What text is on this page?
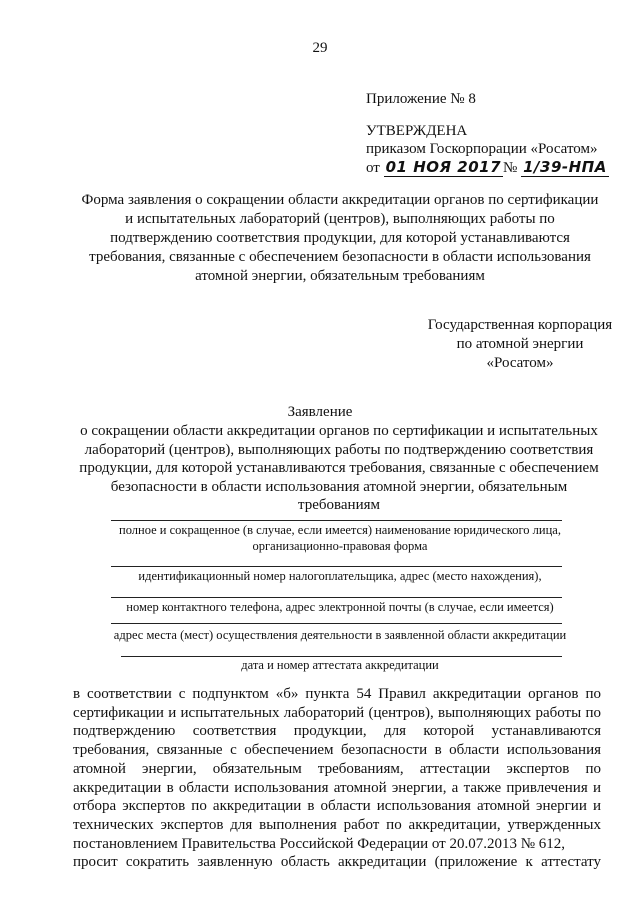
29
Приложение № 8
УТВЕРЖДЕНА
приказом Госкорпорации «Росатом»
от 01 НОЯ 2017 № 1/39-НПА
Форма заявления о сокращении области аккредитации органов по сертификации
и испытательных лабораторий (центров), выполняющих работы по
подтверждению соответствия продукции, для которой устанавливаются
требования, связанные с обеспечением безопасности в области использования
атомной энергии, обязательным требованиям
Государственная корпорация
по атомной энергии
«Росатом»
Заявление
о сокращении области аккредитации органов по сертификации и испытательных
лабораторий (центров), выполняющих работы по подтверждению соответствия
продукции, для которой устанавливаются требования, связанные с обеспечением
безопасности в области использования атомной энергии, обязательным
требованиям
полное и сокращенное (в случае, если имеется) наименование юридического лица,
организационно-правовая форма
идентификационный номер налогоплательщика, адрес (место нахождения),
номер контактного телефона, адрес электронной почты (в случае, если имеется)
адрес места (мест) осуществления деятельности в заявленной области аккредитации
дата и номер аттестата аккредитации
в соответствии с подпунктом «б» пункта 54 Правил аккредитации органов по сертификации и испытательных лабораторий (центров), выполняющих работы по подтверждению соответствия продукции, для которой устанавливаются требования, связанные с обеспечением безопасности в области использования атомной энергии, обязательным требованиям, аттестации экспертов по аккредитации в области использования атомной энергии, а также привлечения и отбора экспертов по аккредитации в области использования атомной энергии и технических экспертов для выполнения работ по аккредитации, утвержденных постановлением Правительства Российской Федерации от 20.07.2013 № 612,
просит сократить заявленную область аккредитации (приложение к аттестату
